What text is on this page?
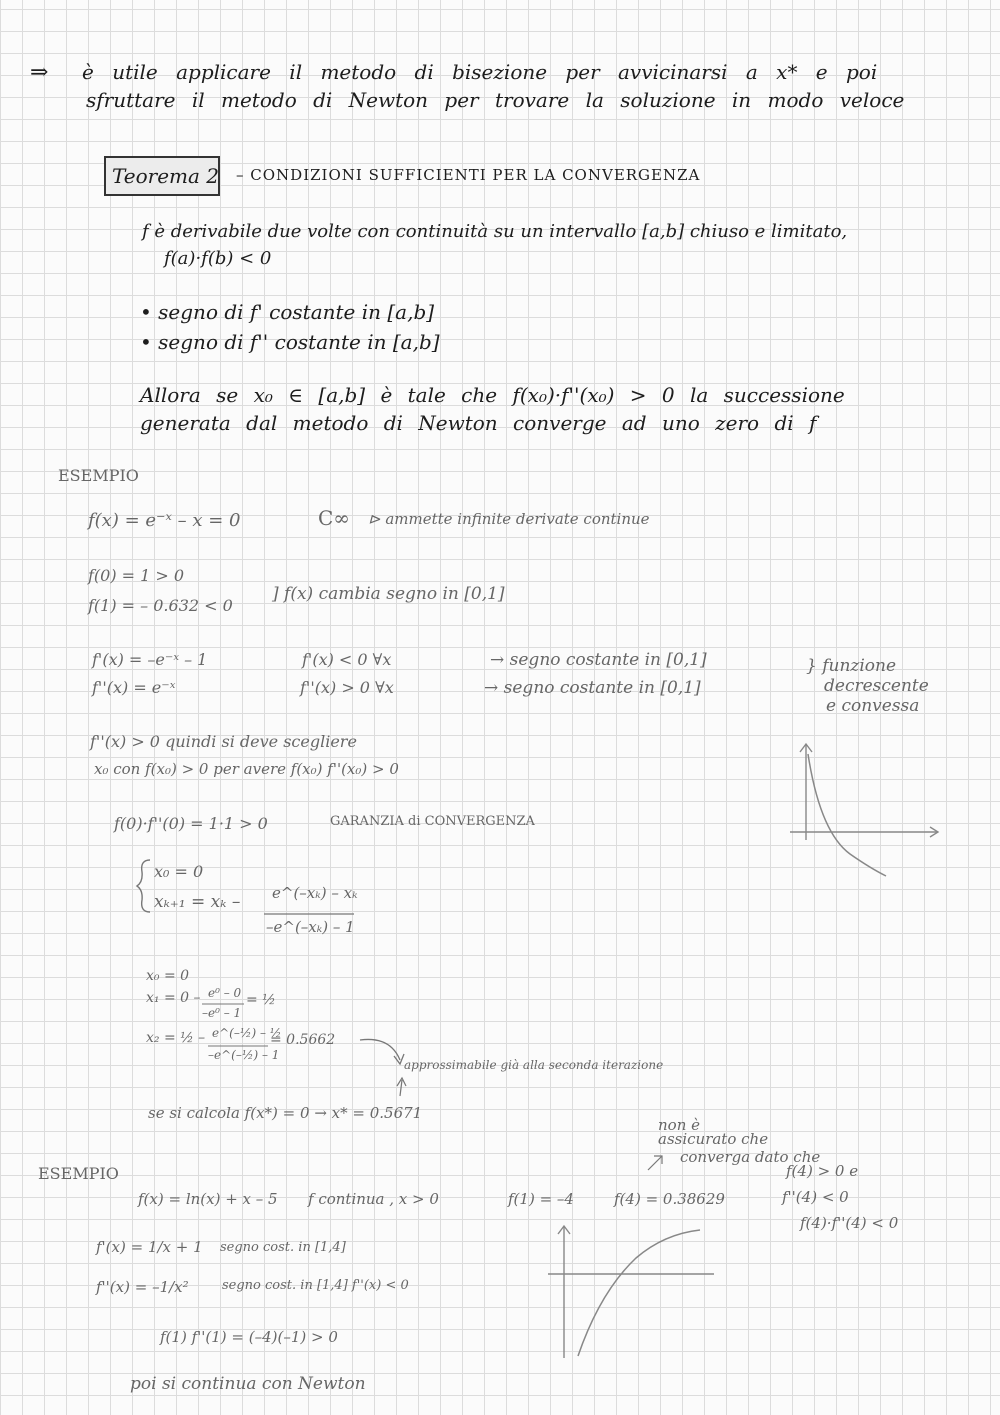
⇒ è utile applicare il metodo di bisezione per avvicinarsi a x* e poi
sfruttare il metodo di Newton per trovare la soluzione in modo veloce
Teorema 2 – CONDIZIONI SUFFICIENTI PER LA CONVERGENZA
f è derivabile due volte con continuità su un intervallo [a,b] chiuso e limitato,
f(a)·f(b) < 0
• segno di f' costante in [a,b]
• segno di f'' costante in [a,b]
Allora se x₀ ∈ [a,b] è tale che f(x₀)·f''(x₀) > 0 la successione
generata dal metodo di Newton converge ad uno zero di f
ESEMPIO
f(x) = e⁻ˣ – x = 0	C∞ ⊳ ammette infinite derivate continue
f(0) = 1 > 0
f(1) = – 0.632 < 0
] f(x) cambia segno in [0,1]
f'(x) = –e⁻ˣ – 1
f''(x) = e⁻ˣ
f'(x) < 0 ∀x
f''(x) > 0 ∀x
→ segno costante in [0,1]
→ segno costante in [0,1]
} funzione
decrescente
e convessa
f''(x) > 0 quindi si deve scegliere
x₀ con f(x₀) > 0 per avere f(x₀) f''(x₀) > 0
f(0)·f''(0) = 1·1 > 0	GARANZIA di CONVERGENZA
x₀ = 0
xₖ₊₁ = xₖ – e^(–xₖ) – xₖ
–e^(–xₖ) – 1
x₀ = 0
x₁ = 0 – e⁰ – 0
–e⁰ – 1
= ½
x₂ = ½ – e^(–½) – ½
–e^(–½) – 1
= 0.5662
approssimabile già alla seconda iterazione
se si calcola f(x*) = 0 → x* = 0.5671
ESEMPIO
f(x) = ln(x) + x – 5 f continua , x > 0	f(1) = –4	f(4) = 0.38629
non è
assicurato che
converga dato che
f(4) > 0 e
f''(4) < 0
f(4)·f''(4) < 0
f'(x) = 1/x + 1 segno cost. in [1,4]
f''(x) = –1/x²	segno cost. in [1,4] f''(x) < 0
f(1) f''(1) = (–4)(–1) > 0
poi si continua con Newton
